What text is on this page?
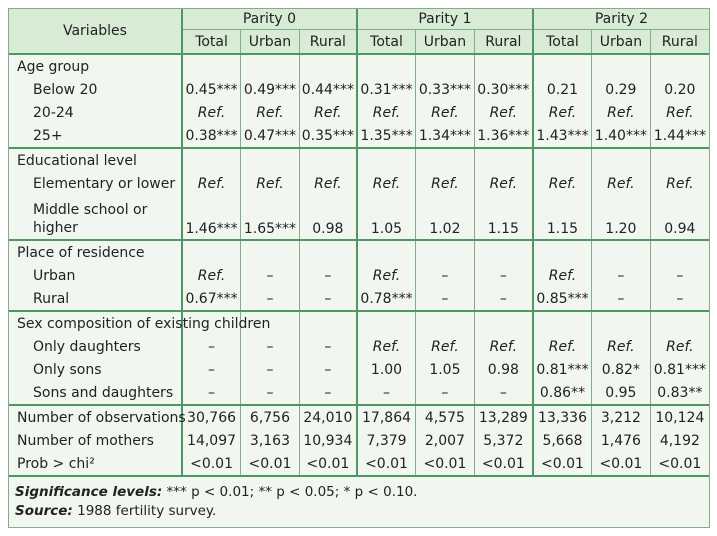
Variables	Parity 0			Parity 1			Parity 2		
	Total	Urban	Rural	Total	Urban	Rural	Total	Urban	Rural
Age group									
Below 20	0.45***	0.49***	0.44***	0.31***	0.33***	0.30***	0.21	0.29	0.20
20-24	Ref.	Ref.	Ref.	Ref.	Ref.	Ref.	Ref.	Ref.	Ref.
25+	0.38***	0.47***	0.35***	1.35***	1.34***	1.36***	1.43***	1.40***	1.44***
Educational level									
Elementary or lower	Ref.	Ref.	Ref.	Ref.	Ref.	Ref.	Ref.	Ref.	Ref.
Middle school or higher	1.46***	1.65***	0.98	1.05	1.02	1.15	1.15	1.20	0.94
Place of residence									
Urban	Ref.	–	–	Ref.	–	–	Ref.	–	–
Rural	0.67***	–	–	0.78***	–	–	0.85***	–	–
Sex composition of existing children									
Only daughters	–	–	–	Ref.	Ref.	Ref.	Ref.	Ref.	Ref.
Only sons	–	–	–	1.00	1.05	0.98	0.81***	0.82*	0.81***
Sons and daughters	–	–	–	–	–	–	0.86**	0.95	0.83**
Number of observations	30,766	6,756	24,010	17,864	4,575	13,289	13,336	3,212	10,124
Number of mothers	14,097	3,163	10,934	7,379	2,007	5,372	5,668	1,476	4,192
Prob > chi²	<0.01	<0.01	<0.01	<0.01	<0.01	<0.01	<0.01	<0.01	<0.01
Significance levels: *** p < 0.01; ** p < 0.05; * p < 0.10.
Source: 1988 fertility survey.
